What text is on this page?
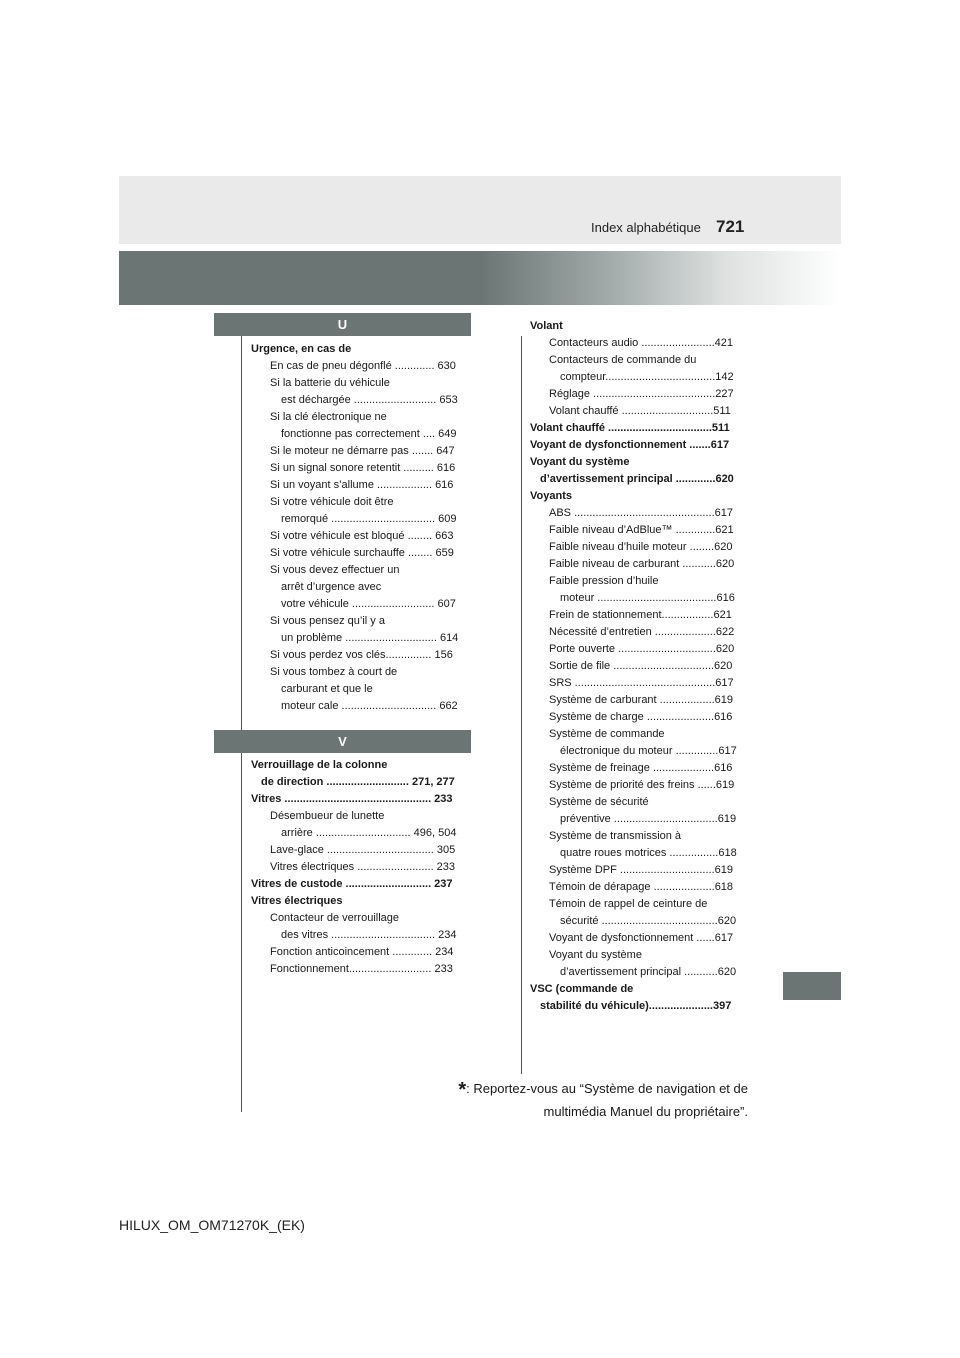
Index alphabétique 721
U
Urgence, en cas de
En cas de pneu dégonflé ............. 630
Si la batterie du véhicule
est déchargée ........................... 653
Si la clé électronique ne
fonctionne pas correctement .... 649
Si le moteur ne démarre pas ....... 647
Si un signal sonore retentit .......... 616
Si un voyant s’allume .................. 616
Si votre véhicule doit être
remorqué .................................. 609
Si votre véhicule est bloqué ........ 663
Si votre véhicule surchauffe ........ 659
Si vous devez effectuer un
arrêt d’urgence avec
votre véhicule ........................... 607
Si vous pensez qu’il y a
un problème .............................. 614
Si vous perdez vos clés............... 156
Si vous tombez à court de
carburant et que le
moteur cale ............................... 662
V
Verrouillage de la colonne
de direction ........................... 271, 277
Vitres ................................................ 233
Désembueur de lunette
arrière ............................... 496, 504
Lave-glace ................................... 305
Vitres électriques ......................... 233
Vitres de custode ............................ 237
Vitres électriques
Contacteur de verrouillage
des vitres .................................. 234
Fonction anticoincement ............. 234
Fonctionnement........................... 233
Volant
Contacteurs audio ........................421
Contacteurs de commande du
compteur....................................142
Réglage ........................................227
Volant chauffé ..............................511
Volant chauffé ..................................511
Voyant de dysfonctionnement .......617
Voyant du système
d’avertissement principal .............620
Voyants
ABS ..............................................617
Faible niveau d’AdBlue™ .............621
Faible niveau d’huile moteur ........620
Faible niveau de carburant ...........620
Faible pression d’huile
moteur .......................................616
Frein de stationnement.................621
Nécessité d’entretien ....................622
Porte ouverte ................................620
Sortie de file .................................620
SRS ..............................................617
Système de carburant ..................619
Système de charge ......................616
Système de commande
électronique du moteur ..............617
Système de freinage ....................616
Système de priorité des freins ......619
Système de sécurité
préventive ..................................619
Système de transmission à
quatre roues motrices ................618
Système DPF ...............................619
Témoin de dérapage ....................618
Témoin de rappel de ceinture de
sécurité ......................................620
Voyant de dysfonctionnement ......617
Voyant du système
d’avertissement principal ...........620
VSC (commande de
stabilité du véhicule).....................397
*: Reportez-vous au “Système de navigation et de
multimédia Manuel du propriétaire”.
HILUX_OM_OM71270K_(EK)
